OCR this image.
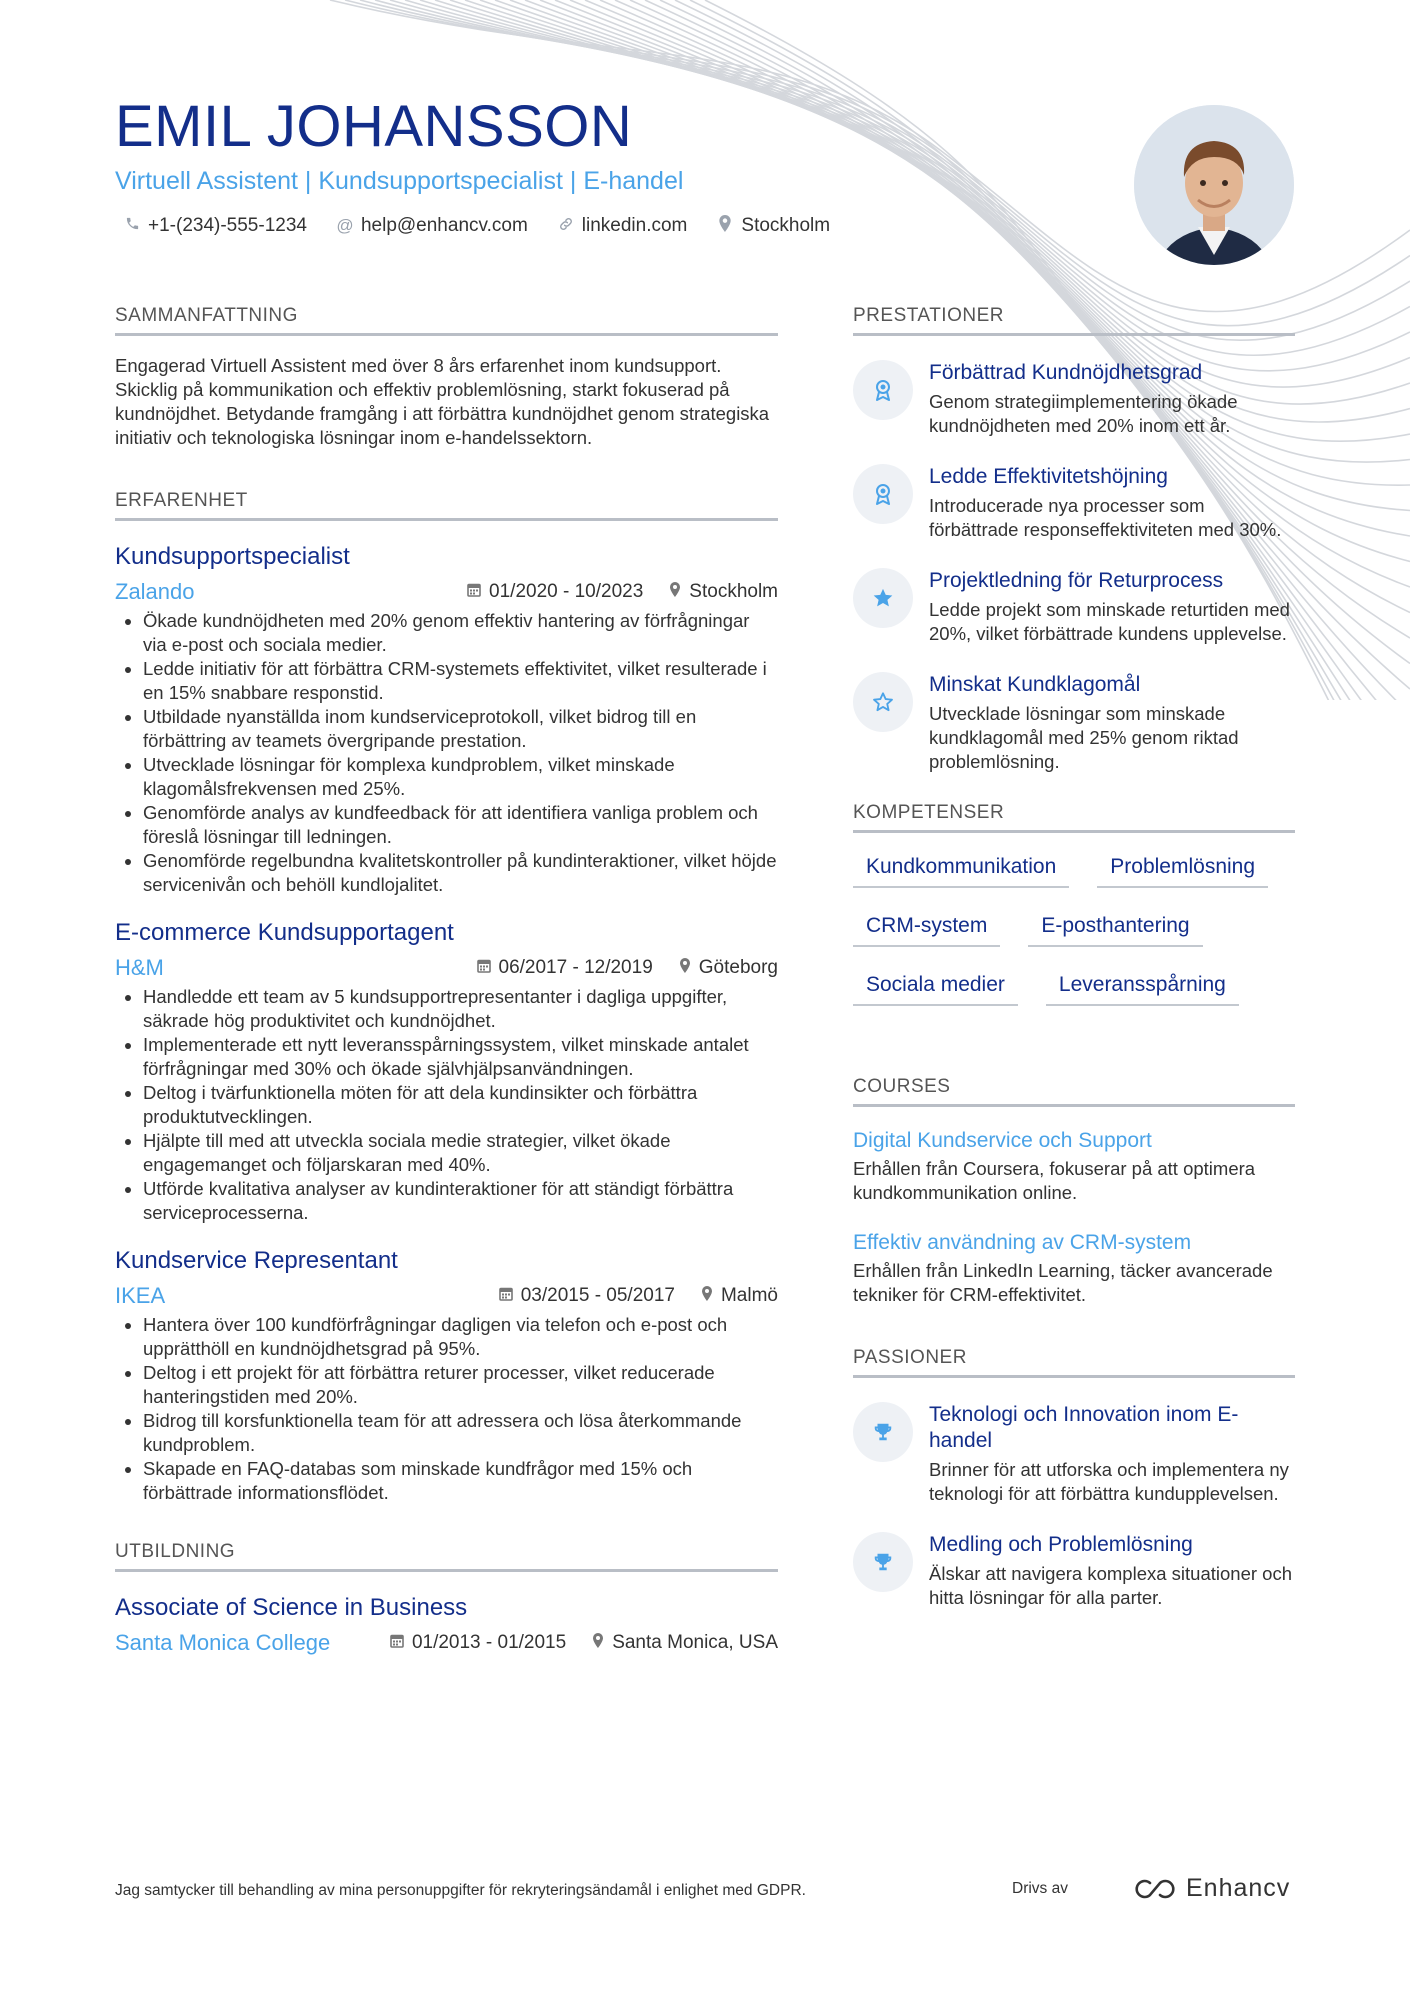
EMIL JOHANSSON
Virtuell Assistent | Kundsupportspecialist | E-handel
+1-(234)-555-1234 @ help@enhancv.com	linkedin.com	Stockholm
SAMMANFATTNING

Engagerad Virtuell Assistent med över 8 års erfarenhet inom kundsupport. Skicklig på kommunikation och effektiv problemlösning, starkt fokuserad på kundnöjdhet. Betydande framgång i att förbättra kundnöjdhet genom strategiska initiativ och teknologiska lösningar inom e-handelssektorn.

ERFARENHET
Kundsupportspecialist
Zalando	01/2020 - 10/2023	Stockholm
• Ökade kundnöjdheten med 20% genom effektiv hantering av förfrågningar via e-post och sociala medier.
• Ledde initiativ för att förbättra CRM-systemets effektivitet, vilket resulterade i en 15% snabbare responstid.
• Utbildade nyanställda inom kundserviceprotokoll, vilket bidrog till en förbättring av teamets övergripande prestation.
• Utvecklade lösningar för komplexa kundproblem, vilket minskade klagomålsfrekvensen med 25%.
• Genomförde analys av kundfeedback för att identifiera vanliga problem och föreslå lösningar till ledningen.
• Genomförde regelbundna kvalitetskontroller på kundinteraktioner, vilket höjde servicenivån och behöll kundlojalitet.
E-commerce Kundsupportagent
H&M	06/2017 - 12/2019	Göteborg
• Handledde ett team av 5 kundsupportrepresentanter i dagliga uppgifter, säkrade hög produktivitet och kundnöjdhet.
• Implementerade ett nytt leveransspårningssystem, vilket minskade antalet förfrågningar med 30% och ökade självhjälpsanvändningen.
• Deltog i tvärfunktionella möten för att dela kundinsikter och förbättra produktutvecklingen.
• Hjälpte till med att utveckla sociala medie strategier, vilket ökade engagemanget och följarskaran med 40%.
• Utförde kvalitativa analyser av kundinteraktioner för att ständigt förbättra serviceprocesserna.
Kundservice Representant
IKEA	03/2015 - 05/2017	Malmö
• Hantera över 100 kundförfrågningar dagligen via telefon och e-post och upprätthöll en kundnöjdhetsgrad på 95%.
• Deltog i ett projekt för att förbättra returer processer, vilket reducerade hanteringstiden med 20%.
• Bidrog till korsfunktionella team för att adressera och lösa återkommande kundproblem.
• Skapade en FAQ-databas som minskade kundfrågor med 15% och förbättrade informationsflödet.
UTBILDNING
Associate of Science in Business
Santa Monica College	01/2013 - 01/2015	Santa Monica, USA
PRESTATIONER
Förbättrad Kundnöjdhetsgrad

Genom strategiimplementering ökade kundnöjdheten med 20% inom ett år.

Ledde Effektivitetshöjning

Introducerade nya processer som förbättrade responseffektiviteten med 30%.

Projektledning för Returprocess

Ledde projekt som minskade returtiden med 20%, vilket förbättrade kundens upplevelse.

Minskat Kundklagomål

Utvecklade lösningar som minskade kundklagomål med 25% genom riktad problemlösning.

KOMPETENSER
Kundkommunikation	Problemlösning
CRM-system	E-posthantering
Sociala medier	Leveransspårning
COURSES
Digital Kundservice och Support

Erhållen från Coursera, fokuserar på att optimera kundkommunikation online.

Effektiv användning av CRM-system

Erhållen från LinkedIn Learning, täcker avancerade tekniker för CRM-effektivitet.

PASSIONER
Teknologi och Innovation inom E-handel

Brinner för att utforska och implementera ny teknologi för att förbättra kundupplevelsen.

Medling och Problemlösning

Älskar att navigera komplexa situationer och hitta lösningar för alla parter.

Jag samtycker till behandling av mina personuppgifter för rekryteringsändamål i enlighet med GDPR.	Drivs av	Enhancv
